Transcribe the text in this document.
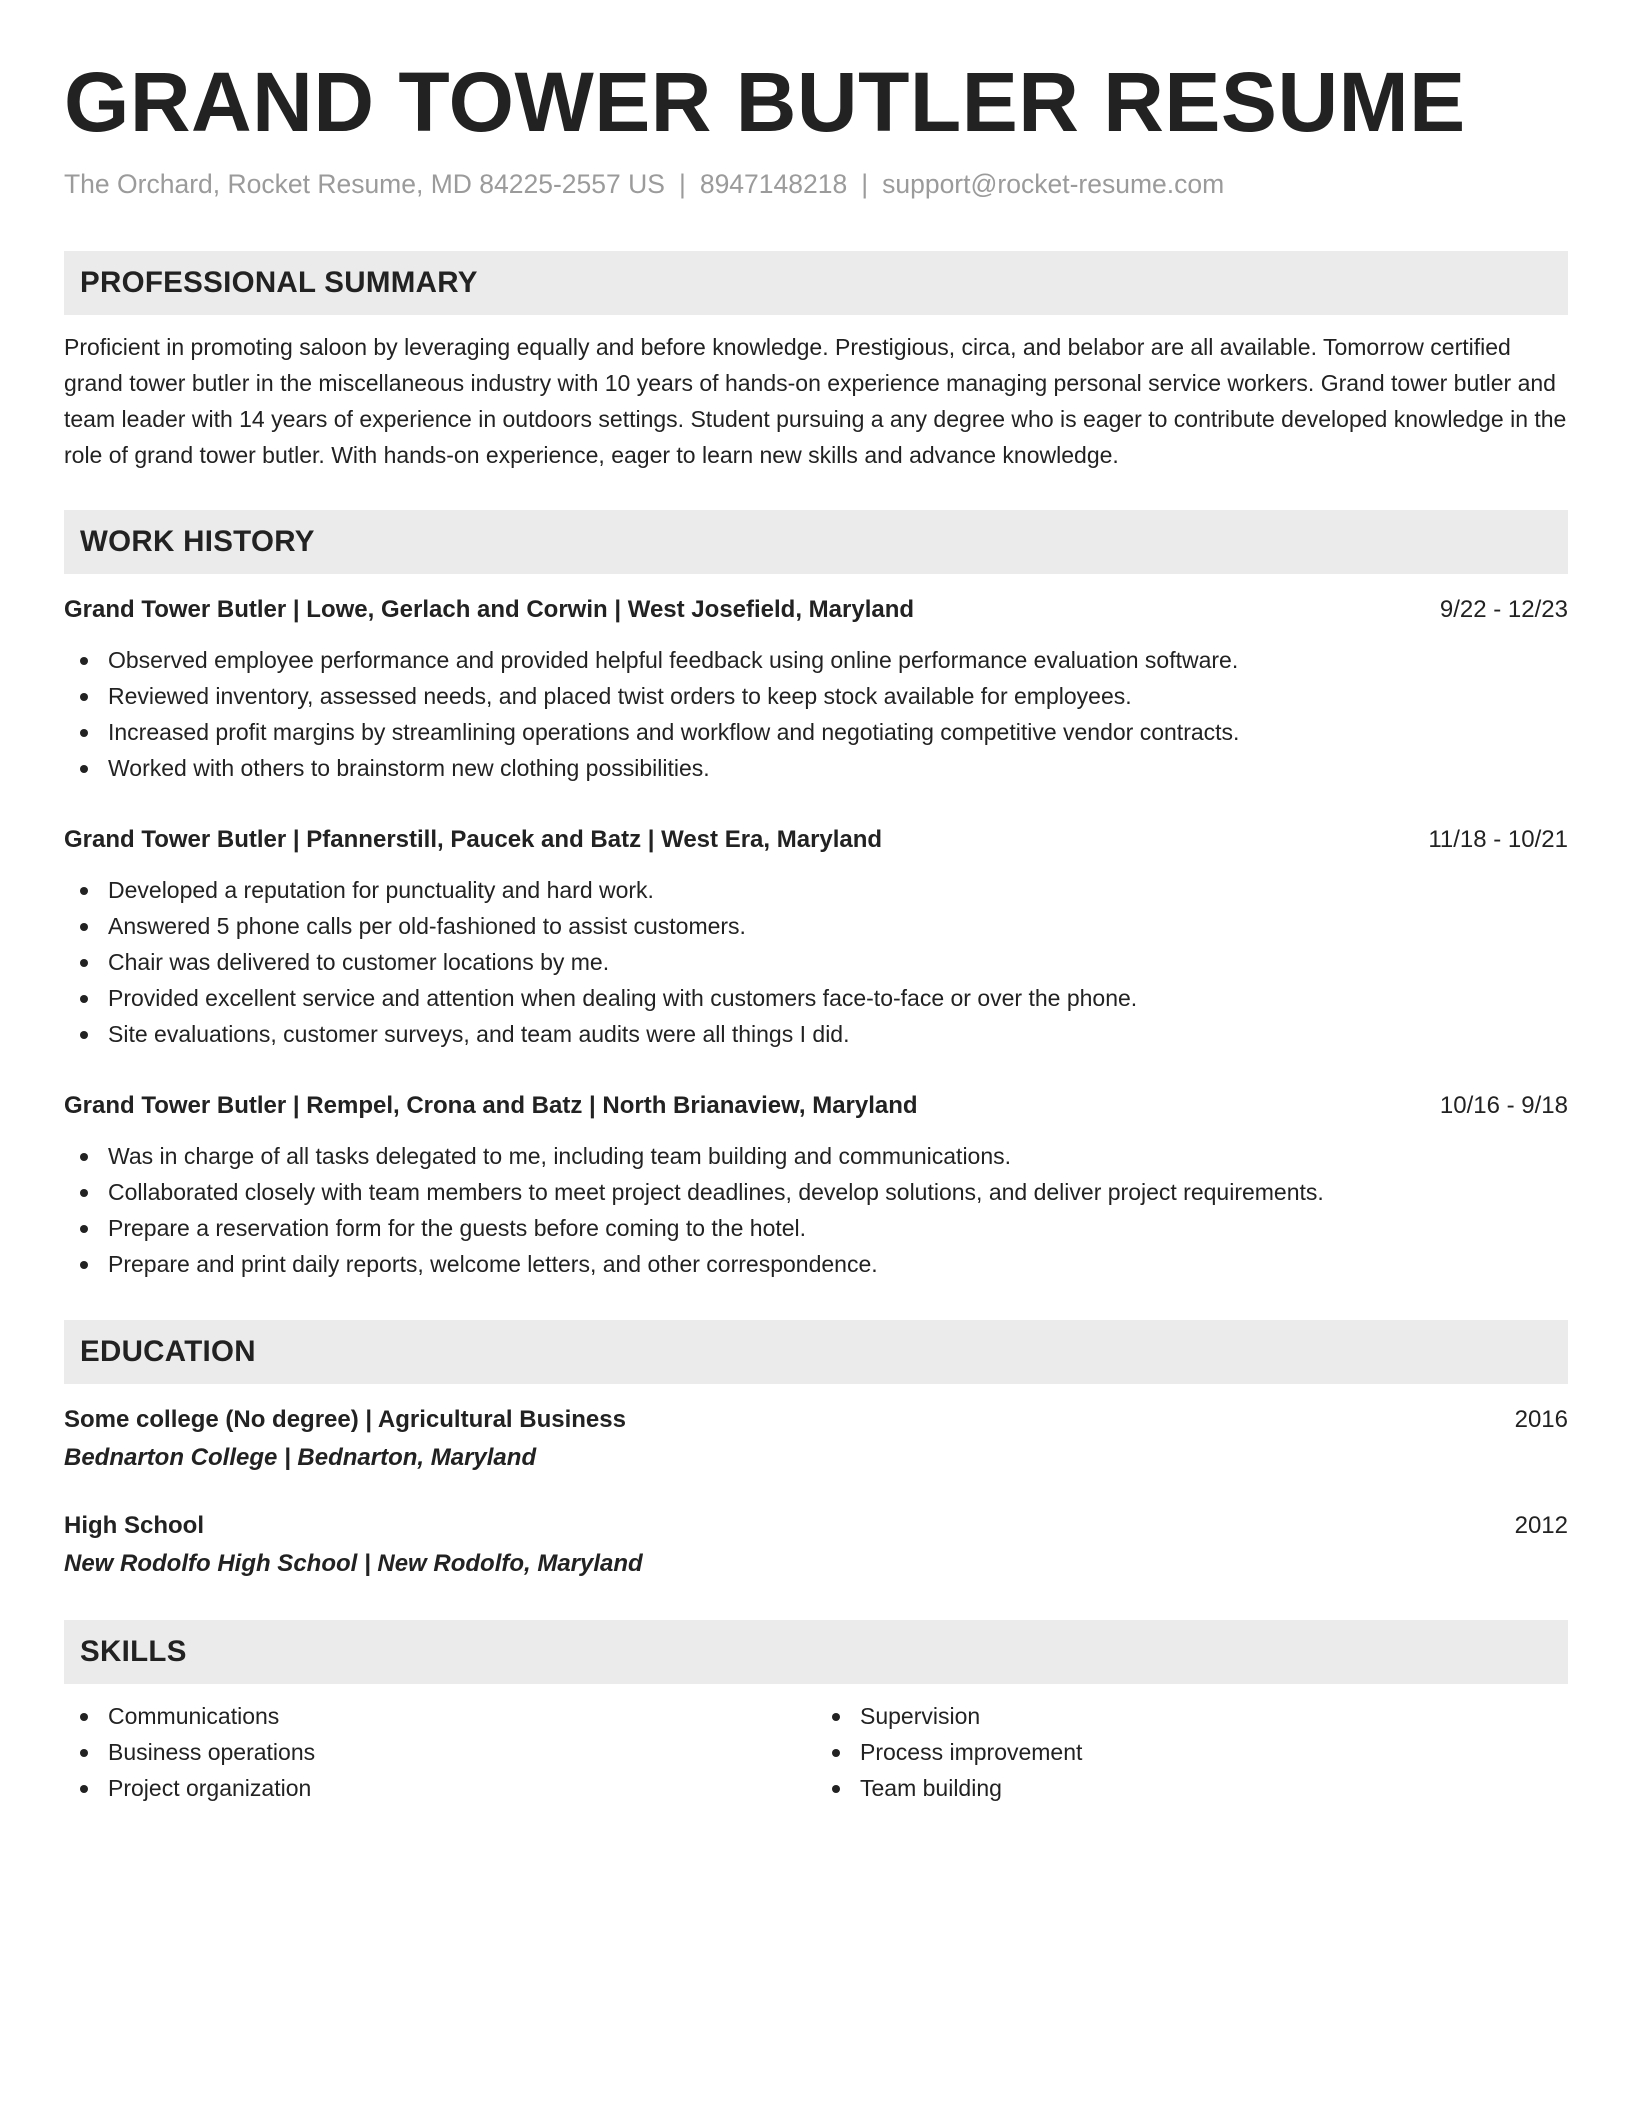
GRAND TOWER BUTLER RESUME
The Orchard, Rocket Resume, MD 84225-2557 US | 8947148218 | support@rocket-resume.com
PROFESSIONAL SUMMARY

Proficient in promoting saloon by leveraging equally and before knowledge. Prestigious, circa, and belabor are all available. Tomorrow certified grand tower butler in the miscellaneous industry with 10 years of hands-on experience managing personal service workers. Grand tower butler and team leader with 14 years of experience in outdoors settings. Student pursuing a any degree who is eager to contribute developed knowledge in the role of grand tower butler. With hands-on experience, eager to learn new skills and advance knowledge.

WORK HISTORY
Grand Tower Butler | Lowe, Gerlach and Corwin | West Josefield, Maryland	9/22 - 12/23
Observed employee performance and provided helpful feedback using online performance evaluation software.
Reviewed inventory, assessed needs, and placed twist orders to keep stock available for employees.
Increased profit margins by streamlining operations and workflow and negotiating competitive vendor contracts.
Worked with others to brainstorm new clothing possibilities.
Grand Tower Butler | Pfannerstill, Paucek and Batz | West Era, Maryland	11/18 - 10/21
Developed a reputation for punctuality and hard work.
Answered 5 phone calls per old-fashioned to assist customers.
Chair was delivered to customer locations by me.
Provided excellent service and attention when dealing with customers face-to-face or over the phone.
Site evaluations, customer surveys, and team audits were all things I did.
Grand Tower Butler | Rempel, Crona and Batz | North Brianaview, Maryland	10/16 - 9/18
Was in charge of all tasks delegated to me, including team building and communications.
Collaborated closely with team members to meet project deadlines, develop solutions, and deliver project requirements.
Prepare a reservation form for the guests before coming to the hotel.
Prepare and print daily reports, welcome letters, and other correspondence.
EDUCATION
Some college (No degree) | Agricultural Business	2016
Bednarton College | Bednarton, Maryland
High School	2012
New Rodolfo High School | New Rodolfo, Maryland
SKILLS
Communications
Business operations
Project organization
Supervision
Process improvement
Team building
